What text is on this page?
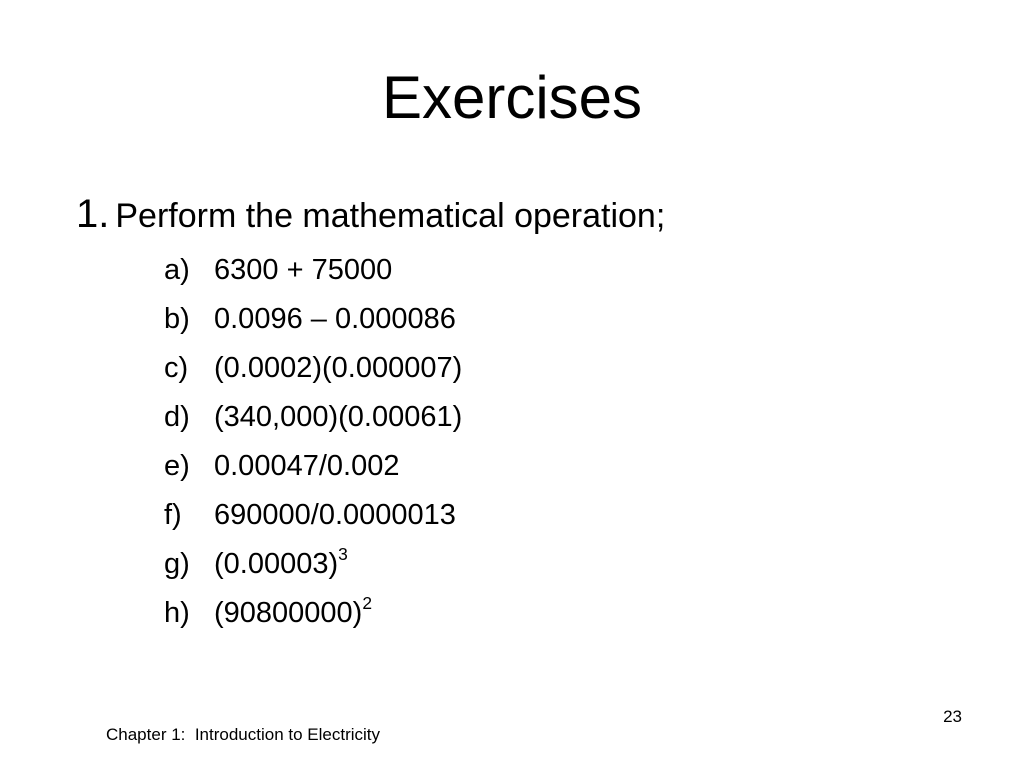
Exercises
1. Perform the mathematical operation;
a) 6300 + 75000
b) 0.0096 – 0.000086
c) (0.0002)(0.000007)
d) (340,000)(0.00061)
e) 0.00047/0.002
f) 690000/0.0000013
g) $(0.00003)^3$
h) $(90800000)^2$
Chapter 1:  Introduction to Electricity
23
